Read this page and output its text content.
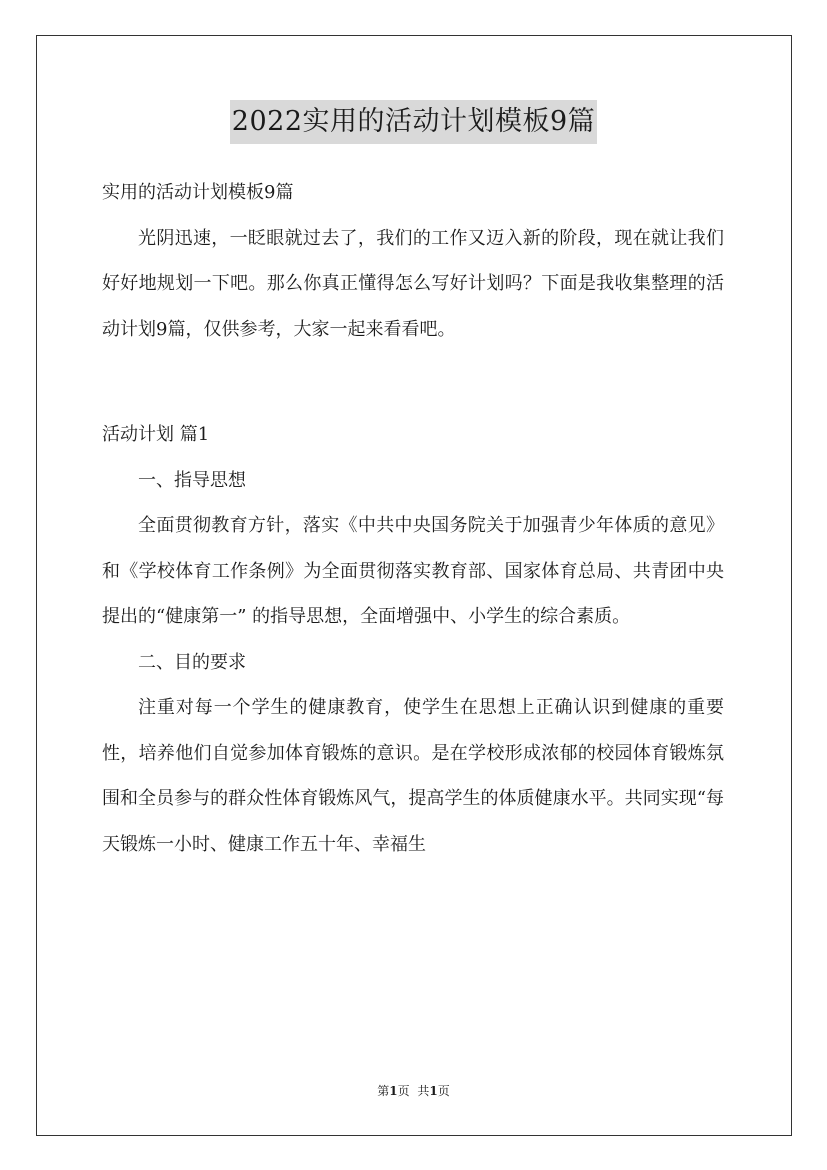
2022实用的活动计划模板9篇

实用的活动计划模板9篇

光阴迅速，一眨眼就过去了，我们的工作又迈入新的阶段，现在就让我们好好地规划一下吧。那么你真正懂得怎么写好计划吗？下面是我收集整理的活动计划9篇，仅供参考，大家一起来看看吧。

活动计划 篇1

一、指导思想

全面贯彻教育方针，落实《中共中央国务院关于加强青少年体质的意见》和《学校体育工作条例》为全面贯彻落实教育部、国家体育总局、共青团中央提出的“健康第一” 的指导思想，全面增强中、小学生的综合素质。

二、目的要求

注重对每一个学生的健康教育，使学生在思想上正确认识到健康的重要性，培养他们自觉参加体育锻炼的意识。是在学校形成浓郁的校园体育锻炼氛围和全员参与的群众性体育锻炼风气，提高学生的体质健康水平。共同实现“每天锻炼一小时、健康工作五十年、幸福生

第1页 共1页
